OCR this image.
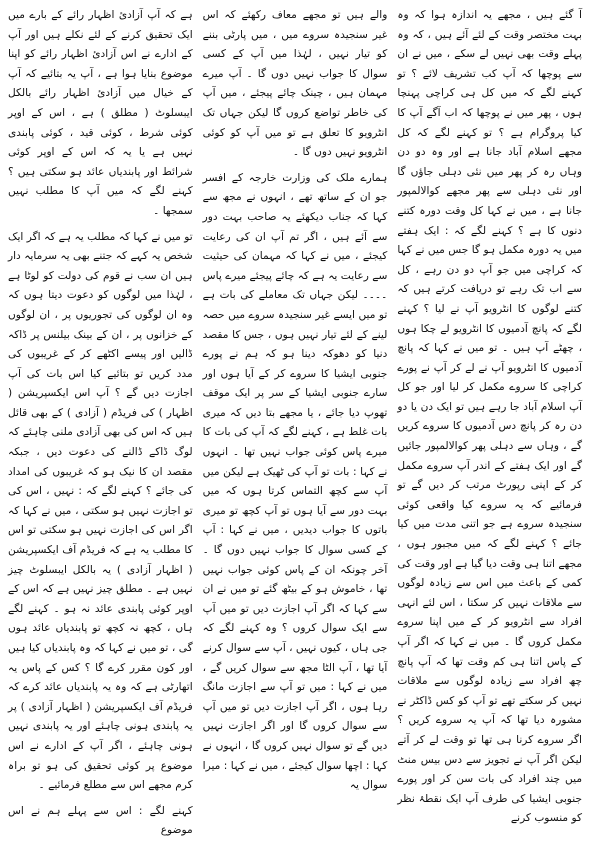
آ گئے ہیں ، مجھے یہ اندازہ ہوا کہ وہ بہت مختصر وقت کے لئے آئے ہیں ، کہ وہ پہلے وقت بھی نہیں لے سکے ، میں نے ان سے پوچھا کہ آپ کب تشریف لائے ؟ تو کہنے لگے کہ میں کل ہی کراچی پہنچا ہوں ، پھر میں نے پوچھا کہ اب آگے آپ کا کیا پروگرام ہے ؟ تو کہنے لگے کہ کل مجھے اسلام آباد جانا ہے اور وہ دو دن وہاں رہ کر پھر میں نئی دہلی جاؤں گا اور نئی دہلی سے پھر مجھے کوالالمپور جانا ہے ، میں نے کہا کل وقت دورہ کتنے دنوں کا ہے ؟ کہنے لگے کہ : ایک ہفتے میں یہ دورہ مکمل ہو گا جس میں نے کہا کہ کراچی میں جو آپ دو دن رہے ، کل سے اب تک رہے تو دریافت کرتے ہیں کہ کتنے لوگوں کا انٹرویو آپ نے لیا ؟ کہنے لگے کہ پانچ آدمیوں کا انٹرویو لے چکا ہوں ، چھٹے آپ ہیں ۔ تو میں نے کہا کہ پانچ آدمیوں کا انٹرویو آپ نے لے کر آپ نے پورے کراچی کا سروے مکمل کر لیا اور جو کل آپ اسلام آباد جا رہے ہیں تو ایک دن یا دو دن رہ کر پانچ دس آدمیوں کا سروے کریں گے ، وہاں سے دہلی پھر کوالالمپور جائیں گے اور ایک ہفتے کے اندر آپ سروے مکمل کر کے اپنی رپورٹ مرتب کر دیں گے تو فرمائیے کہ یہ سروے کیا واقعی کوئی سنجیدہ سروے ہے جو اتنی مدت میں کیا جائے ؟ کہنے لگے کہ میں مجبور ہوں ، مجھے اتنا ہی وقت دیا گیا ہے اور وقت کی کمی کے باعث میں اس سے زیادہ لوگوں سے ملاقات نہیں کر سکتا ، اس لئے انہی افراد سے انٹرویو کر کے میں اپنا سروے مکمل کروں گا ۔ میں نے کہا کہ اگر آپ کے پاس اتنا ہی کم وقت تھا کہ آپ پانچ چھ افراد سے زیادہ لوگوں سے ملاقات نہیں کر سکتے تھے تو آپ کو کس ڈاکٹر نے مشورہ دیا تھا کہ آپ یہ سروے کریں ؟ اگر سروے کرنا ہی تھا تو وقت لے کر آتے لیکن اگر آپ نے تجویز سے دس بیس منٹ میں چند افراد کی بات سن کر اور پورے جنوبی ایشیا کی طرف آپ ایک نقطۂ نظر کو منسوب کرنے

والے ہیں تو مجھے معاف رکھئے کہ اس غیر سنجیدہ سروے میں ، میں پارٹی بننے کو تیار نہیں ، لہٰذا میں آپ کے کسی سوال کا جواب نہیں دوں گا ۔ آپ میرے مہمان ہیں ، چینک چائے پیجئے ، میں آپ کی خاطر تواضع کروں گا لیکن جہاں تک انٹرویو کا تعلق ہے تو میں آپ کو کوئی انٹرویو نہیں دوں گا ۔

ہمارے ملک کی وزارت خارجہ کے افسر جو ان کے ساتھ تھے ، انہوں نے مجھ سے کہا کہ جناب دیکھئے یہ صاحب بہت دور سے آئے ہیں ، اگر تم آپ ان کی رعایت کیجئے ، میں نے کہا کہ مہمان کی حیثیت سے رعایت یہ ہے کہ چائے پیجئے میرے پاس ۔۔۔۔ لیکن جہاں تک معاملے کی بات ہے تو میں ایسے غیر سنجیدہ سروے میں حصہ لینے کے لئے تیار نہیں ہوں ، جس کا مقصد دنیا کو دھوکہ دینا ہو کہ ہم نے پورے جنوبی ایشیا کا سروے کر کے آیا ہوں اور سارے جنوبی ایشیا کے سر پر ایک موقف تھوپ دیا جائے ، یا مجھے بتا دیں کہ میری بات غلط ہے ، کہنے لگے کہ آپ کی بات کا میرے پاس کوئی جواب نہیں تھا ۔ انہوں نے کہا : بات تو آپ کی ٹھیک ہے لیکن میں آپ سے کچھ التماس کرتا ہوں کہ میں بہت دور سے آیا ہوں تو آپ کچھ تو میری باتوں کا جواب دیدیں ، میں نے کہا : آپ کے کسی سوال کا جواب نہیں دوں گا ۔ آخر چونکہ ان کے پاس کوئی جواب نہیں تھا ، خاموش ہو کے بیٹھ گئے تو میں نے ان سے کہا کہ اگر آپ اجازت دیں تو میں آپ سے ایک سوال کروں ؟ وہ کہنے لگے کہ جی ہاں ، کیوں نہیں ، آپ سے سوال کرنے آیا تھا ، آپ الٹا مجھ سے سوال کریں گے ، میں نے کہا : میں تو آپ سے اجازت مانگ رہا ہوں ، اگر آپ اجازت دیں تو میں آپ سے سوال کروں گا اور اگر اجازت نہیں دیں گے تو سوال نہیں کروں گا ، انہوں نے کہا : اچھا سوال کیجئے ، میں نے کہا : میرا سوال یہ

ہے کہ آپ آزادیٔ اظہار رائے کے بارے میں ایک تحقیق کرنے کے لئے نکلے ہیں اور آپ کے ادارے نے اس آزادیٔ اظہار رائے کو اپنا موضوع بنایا ہوا ہے ، آپ یہ بتائیے کہ آپ کے خیال میں آزادیٔ اظہار رائے بالکل ایبسلوٹ ( مطلق ) ہے ، اس کے اوپر کوئی شرط ، کوئی قید ، کوئی پابندی نہیں ہے یا یہ کہ اس کے اوپر کوئی شرائط اور پابندیاں عائد ہو سکتی ہیں ؟ کہنے لگے کہ میں آپ کا مطلب نہیں سمجھا ۔

تو میں نے کہا کہ مطلب یہ ہے کہ اگر ایک شخص یہ کہے کہ جتنے بھی یہ سرمایہ دار ہیں ان سب نے قوم کی دولت کو لوٹا ہے ، لہٰذا میں لوگوں کو دعوت دیتا ہوں کہ وہ ان لوگوں کی تجوریوں پر ، ان لوگوں کے خزانوں پر ، ان کے بینک بیلنس پر ڈاکہ ڈالیں اور پیسے اکٹھے کر کے غریبوں کی مدد کریں تو بتائیے کیا اس بات کی آپ اجازت دیں گے ؟ آپ اس ایکسپریشن ( اظہار ) کی فریڈم ( آزادی ) کے بھی قائل ہیں کہ اس کی بھی آزادی ملنی چاہئے کہ لوگ ڈاکے ڈالنے کی دعوت دیں ، جبکہ مقصد ان کا نیک ہو کہ غریبوں کی امداد کی جائے ؟ کہنے لگے کہ : نہیں ، اس کی تو اجازت نہیں ہو سکتی ، میں نے کہا کہ اگر اس کی اجازت نہیں ہو سکتی تو اس کا مطلب یہ ہے کہ فریڈم آف ایکسپریشن ( اظہار آزادی ) یہ بالکل ایبسلوٹ چیز نہیں ہے ۔ مطلق چیز نہیں ہے کہ اس کے اوپر کوئی پابندی عائد نہ ہو ۔ کہنے لگے ہاں ، کچھ نہ کچھ تو پابندیاں عائد ہوں گی ، تو میں نے کہا کہ وہ پابندیاں کیا ہیں اور کون مقرر کرے گا ؟ کس کے پاس یہ اتھارٹی ہے کہ وہ یہ پابندیاں عائد کرے کہ فریڈم آف ایکسپریشن ( اظہار آزادی ) پر یہ پابندی ہونی چاہئے اور یہ پابندی نہیں ہونی چاہئے ، اگر آپ کے ادارے نے اس موضوع پر کوئی تحقیق کی ہو تو براہ کرم مجھے اس سے مطلع فرمائیے ۔

کہنے لگے : اس سے پہلے ہم نے اس موضوع
